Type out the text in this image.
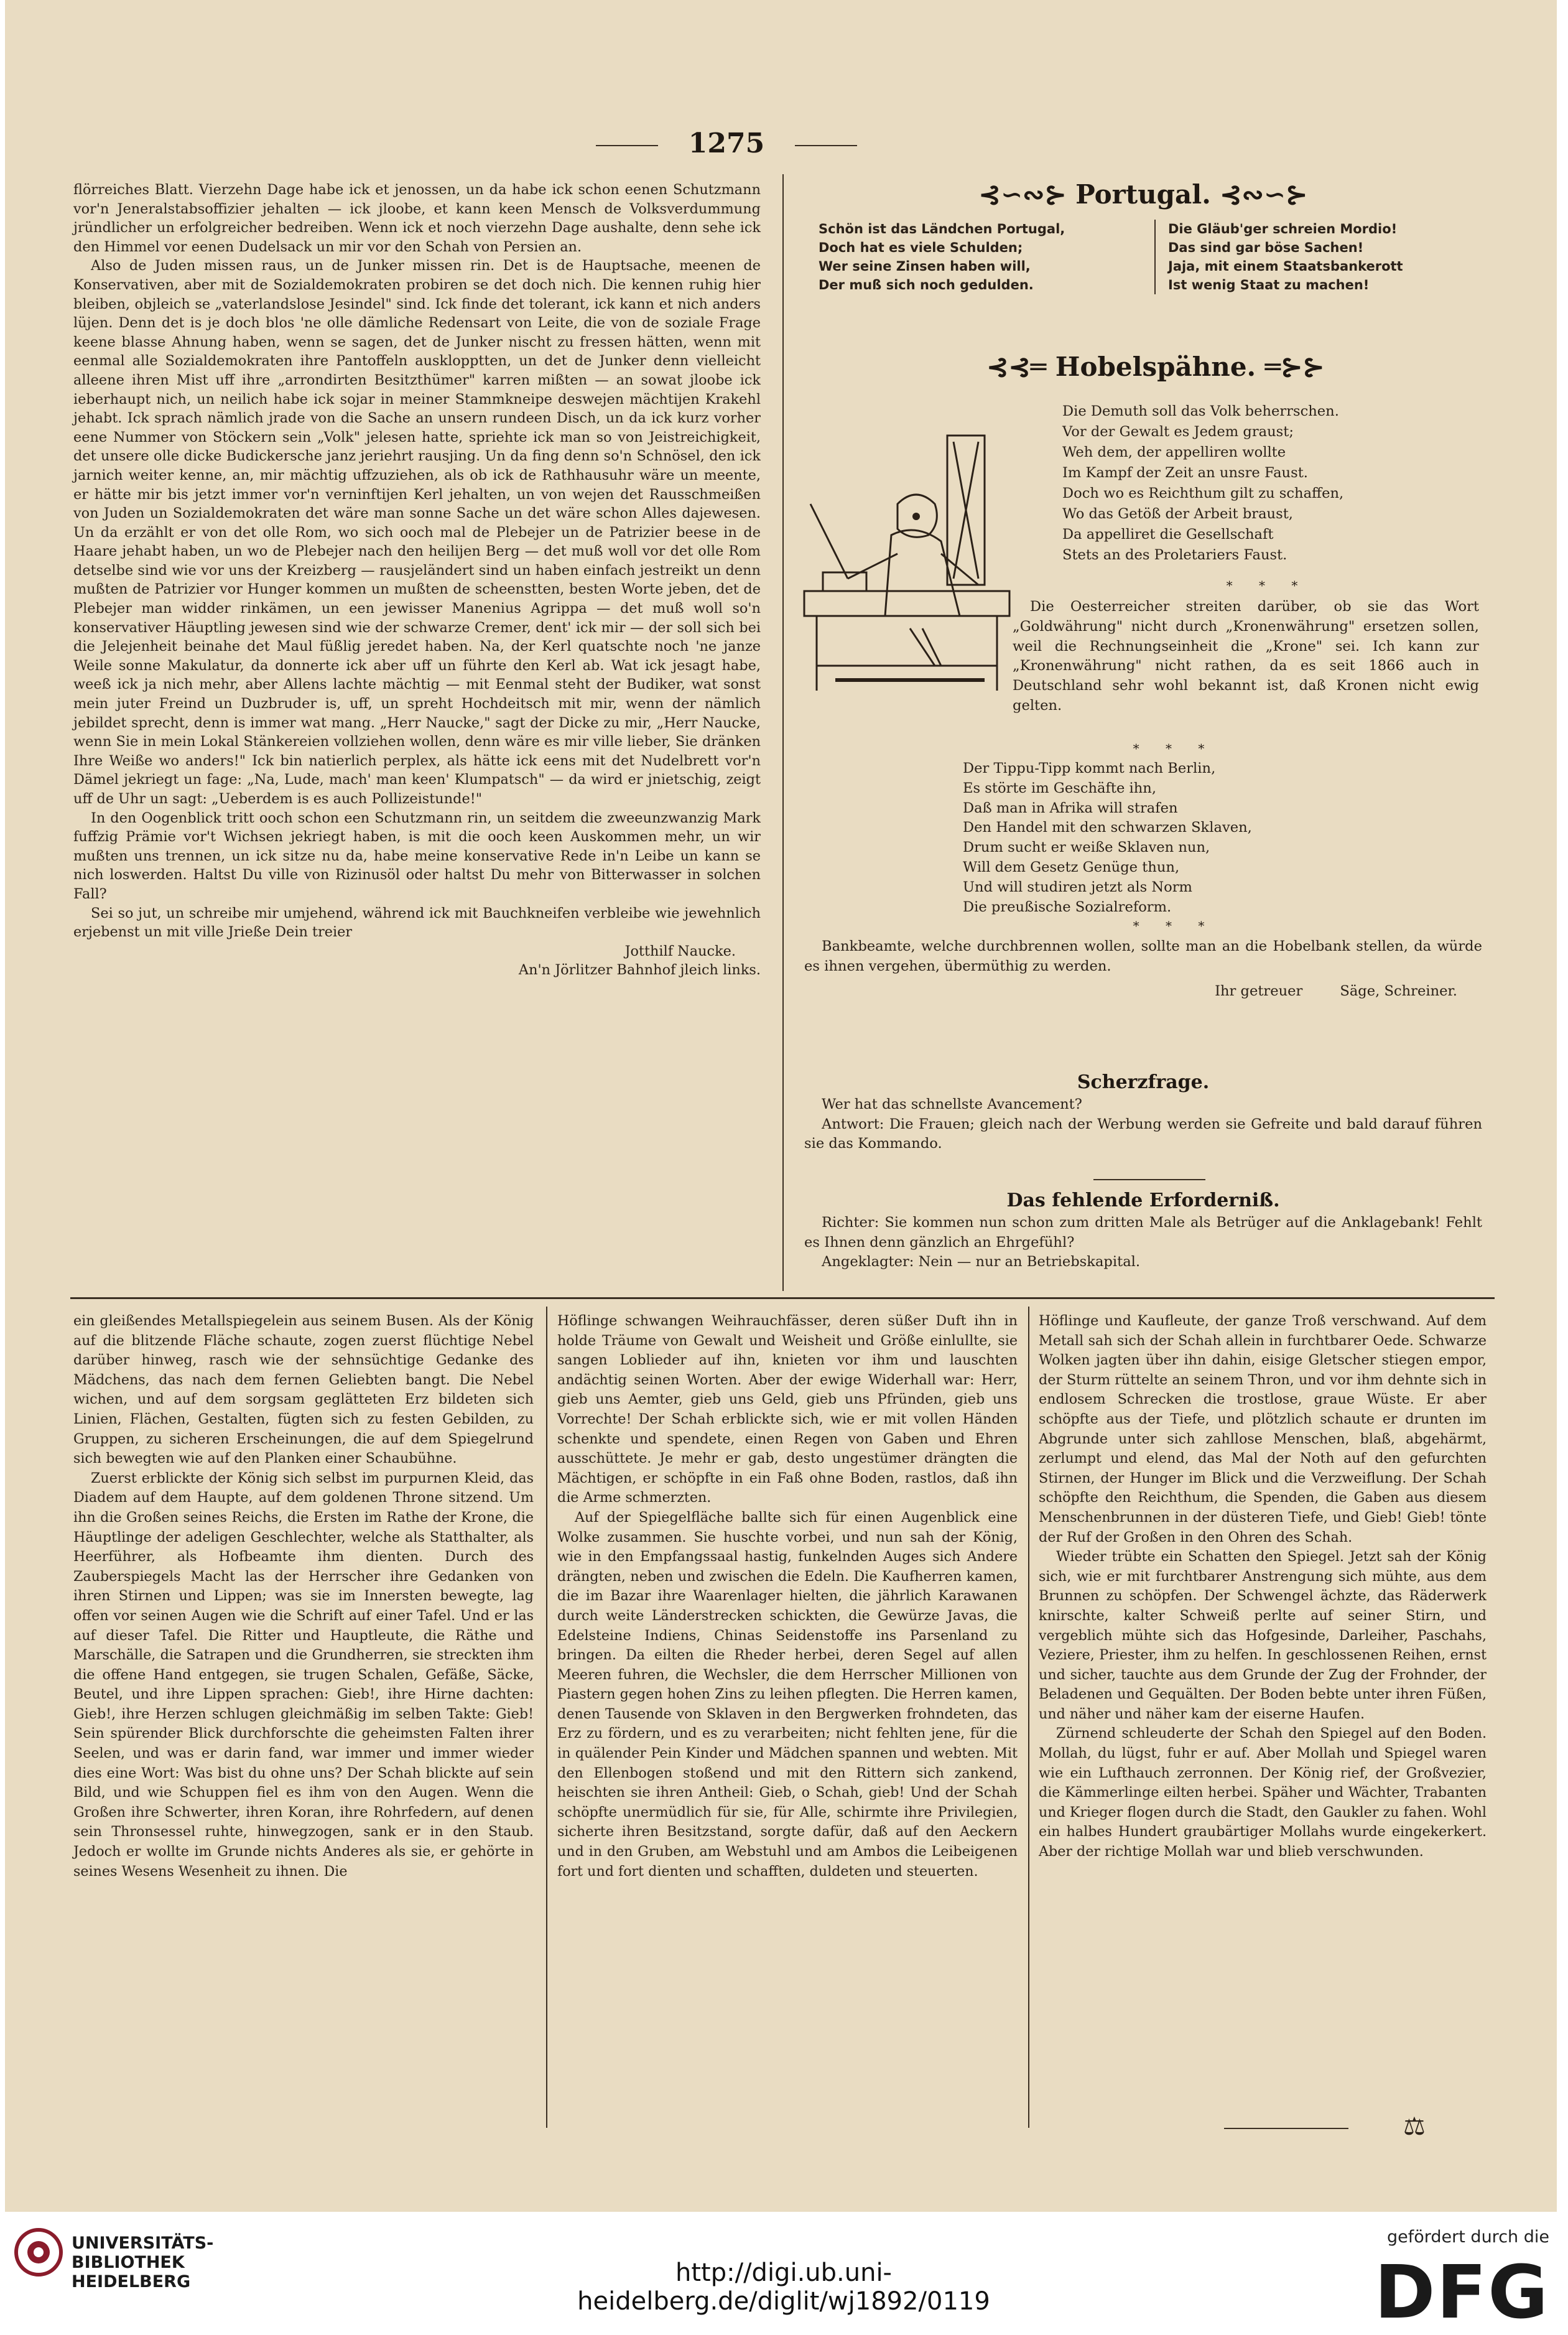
1275

flörreiches Blatt. Vierzehn Dage habe ick et jenossen, un da habe ick schon eenen Schutzmann vor'n Jeneralstabsoffizier jehalten — ick jloobe, et kann keen Mensch de Volksverdummung jründlicher un erfolgreicher bedreiben. Wenn ick et noch vierzehn Dage aushalte, denn sehe ick den Himmel vor eenen Dudelsack un mir vor den Schah von Persien an.

Also de Juden missen raus, un de Junker missen rin. Det is de Hauptsache, meenen de Konservativen, aber mit de Sozialdemokraten probiren se det doch nich. Die kennen ruhig hier bleiben, objleich se „vaterlandslose Jesindel" sind. Ick finde det tolerant, ick kann et nich anders lüjen. Denn det is je doch blos 'ne olle dämliche Redensart von Leite, die von de soziale Frage keene blasse Ahnung haben, wenn se sagen, det de Junker nischt zu fressen hätten, wenn mit eenmal alle Sozialdemokraten ihre Pantoffeln ausklopptten, un det de Junker denn vielleicht alleene ihren Mist uff ihre „arrondirten Besitzthümer" karren mißten — an sowat jloobe ick ieberhaupt nich, un neilich habe ick sojar in meiner Stammkneipe deswejen mächtijen Krakehl jehabt. Ick sprach nämlich jrade von die Sache an unsern rundeen Disch, un da ick kurz vorher eene Nummer von Stöckern sein „Volk" jelesen hatte, spriehte ick man so von Jeistreichigkeit, det unsere olle dicke Budickersche janz jeriehrt rausjing. Un da fing denn so'n Schnösel, den ick jarnich weiter kenne, an, mir mächtig uffzuziehen, als ob ick de Rathhausuhr wäre un meente, er hätte mir bis jetzt immer vor'n verninftijen Kerl jehalten, un von wejen det Rausschmeißen von Juden un Sozialdemokraten det wäre man sonne Sache un det wäre schon Alles dajewesen. Un da erzählt er von det olle Rom, wo sich ooch mal de Plebejer un de Patrizier beese in de Haare jehabt haben, un wo de Plebejer nach den heilijen Berg — det muß woll vor det olle Rom detselbe sind wie vor uns der Kreizberg — rausjeländert sind un haben einfach jestreikt un denn mußten de Patrizier vor Hunger kommen un mußten de scheenstten, besten Worte jeben, det de Plebejer man widder rinkämen, un een jewisser Manenius Agrippa — det muß woll so'n konservativer Häuptling jewesen sind wie der schwarze Cremer, dent' ick mir — der soll sich bei die Jelejenheit beinahe det Maul füßlig jeredet haben. Na, der Kerl quatschte noch 'ne janze Weile sonne Makulatur, da donnerte ick aber uff un führte den Kerl ab. Wat ick jesagt habe, weeß ick ja nich mehr, aber Allens lachte mächtig — mit Eenmal steht der Budiker, wat sonst mein juter Freind un Duzbruder is, uff, un spreht Hochdeitsch mit mir, wenn der nämlich jebildet sprecht, denn is immer wat mang. „Herr Naucke," sagt der Dicke zu mir, „Herr Naucke, wenn Sie in mein Lokal Stänkereien vollziehen wollen, denn wäre es mir ville lieber, Sie dränken Ihre Weiße wo anders!" Ick bin natierlich perplex, als hätte ick eens mit det Nudelbrett vor'n Dämel jekriegt un fage: „Na, Lude, mach' man keen' Klumpatsch" — da wird er jnietschig, zeigt uff de Uhr un sagt: „Ueberdem is es auch Pollizeistunde!"

In den Oogenblick tritt ooch schon een Schutzmann rin, un seitdem die zweeunzwanzig Mark fuffzig Prämie vor't Wichsen jekriegt haben, is mit die ooch keen Auskommen mehr, un wir mußten uns trennen, un ick sitze nu da, habe meine konservative Rede in'n Leibe un kann se nich loswerden. Haltst Du ville von Rizinusöl oder haltst Du mehr von Bitterwasser in solchen Fall?

Sei so jut, un schreibe mir umjehend, während ick mit Bauchkneifen verbleibe wie jewehnlich erjebenst un mit ville Jrieße Dein treier

Jotthilf Naucke.
An'n Jörlitzer Bahnhof jleich links.
⊰∽∾⊱ Portugal. ⊰∾∽⊱
Schön ist das Ländchen Portugal,
Doch hat es viele Schulden;
Wer seine Zinsen haben will,
Der muß sich noch gedulden.
Die Gläub'ger schreien Mordio!
Das sind gar böse Sachen!
Jaja, mit einem Staatsbankerott
Ist wenig Staat zu machen!
⊰⊰═ Hobelspähne. ═⊱⊱
Die Demuth soll das Volk beherrschen.
Vor der Gewalt es Jedem graust;
Weh dem, der appelliren wollte
Im Kampf der Zeit an unsre Faust.
Doch wo es Reichthum gilt zu schaffen,
Wo das Getöß der Arbeit braust,
Da appelliret die Gesellschaft
Stets an des Proletariers Faust.
* * *

Die Oesterreicher streiten darüber, ob sie das Wort „Goldwährung" nicht durch „Kronenwährung" ersetzen sollen, weil die Rechnungseinheit die „Krone" sei. Ich kann zur „Kronenwährung" nicht rathen, da es seit 1866 auch in Deutschland sehr wohl bekannt ist, daß Kronen nicht ewig gelten.

* * *
Der Tippu-Tipp kommt nach Berlin,
Es störte im Geschäfte ihn,
Daß man in Afrika will strafen
Den Handel mit den schwarzen Sklaven,
Drum sucht er weiße Sklaven nun,
Will dem Gesetz Genüge thun,
Und will studiren jetzt als Norm
Die preußische Sozialreform.
* * *

Bankbeamte, welche durchbrennen wollen, sollte man an die Hobelbank stellen, da würde es ihnen vergehen, übermüthig zu werden.

Ihr getreuer	Säge, Schreiner.
Scherzfrage.

Wer hat das schnellste Avancement?

Antwort: Die Frauen; gleich nach der Werbung werden sie Gefreite und bald darauf führen sie das Kommando.

Das fehlende Erforderniß.

Richter: Sie kommen nun schon zum dritten Male als Betrüger auf die Anklagebank! Fehlt es Ihnen denn gänzlich an Ehrgefühl?

Angeklagter: Nein — nur an Betriebskapital.

ein gleißendes Metallspiegelein aus seinem Busen. Als der König auf die blitzende Fläche schaute, zogen zuerst flüchtige Nebel darüber hinweg, rasch wie der sehnsüchtige Gedanke des Mädchens, das nach dem fernen Geliebten bangt. Die Nebel wichen, und auf dem sorgsam geglätteten Erz bildeten sich Linien, Flächen, Gestalten, fügten sich zu festen Gebilden, zu Gruppen, zu sicheren Erscheinungen, die auf dem Spiegelrund sich bewegten wie auf den Planken einer Schaubühne.

Zuerst erblickte der König sich selbst im purpurnen Kleid, das Diadem auf dem Haupte, auf dem goldenen Throne sitzend. Um ihn die Großen seines Reichs, die Ersten im Rathe der Krone, die Häuptlinge der adeligen Geschlechter, welche als Statthalter, als Heerführer, als Hofbeamte ihm dienten. Durch des Zauberspiegels Macht las der Herrscher ihre Gedanken von ihren Stirnen und Lippen; was sie im Innersten bewegte, lag offen vor seinen Augen wie die Schrift auf einer Tafel. Und er las auf dieser Tafel. Die Ritter und Hauptleute, die Räthe und Marschälle, die Satrapen und die Grundherren, sie streckten ihm die offene Hand entgegen, sie trugen Schalen, Gefäße, Säcke, Beutel, und ihre Lippen sprachen: Gieb!, ihre Hirne dachten: Gieb!, ihre Herzen schlugen gleichmäßig im selben Takte: Gieb! Sein spürender Blick durchforschte die geheimsten Falten ihrer Seelen, und was er darin fand, war immer und immer wieder dies eine Wort: Was bist du ohne uns? Der Schah blickte auf sein Bild, und wie Schuppen fiel es ihm von den Augen. Wenn die Großen ihre Schwerter, ihren Koran, ihre Rohrfedern, auf denen sein Thronsessel ruhte, hinwegzogen, sank er in den Staub. Jedoch er wollte im Grunde nichts Anderes als sie, er gehörte in seines Wesens Wesenheit zu ihnen. Die

Höflinge schwangen Weihrauchfässer, deren süßer Duft ihn in holde Träume von Gewalt und Weisheit und Größe einlullte, sie sangen Loblieder auf ihn, knieten vor ihm und lauschten andächtig seinen Worten. Aber der ewige Widerhall war: Herr, gieb uns Aemter, gieb uns Geld, gieb uns Pfründen, gieb uns Vorrechte! Der Schah erblickte sich, wie er mit vollen Händen schenkte und spendete, einen Regen von Gaben und Ehren ausschüttete. Je mehr er gab, desto ungestümer drängten die Mächtigen, er schöpfte in ein Faß ohne Boden, rastlos, daß ihn die Arme schmerzten.

Auf der Spiegelfläche ballte sich für einen Augenblick eine Wolke zusammen. Sie huschte vorbei, und nun sah der König, wie in den Empfangssaal hastig, funkelnden Auges sich Andere drängten, neben und zwischen die Edeln. Die Kaufherren kamen, die im Bazar ihre Waarenlager hielten, die jährlich Karawanen durch weite Länderstrecken schickten, die Gewürze Javas, die Edelsteine Indiens, Chinas Seidenstoffe ins Parsenland zu bringen. Da eilten die Rheder herbei, deren Segel auf allen Meeren fuhren, die Wechsler, die dem Herrscher Millionen von Piastern gegen hohen Zins zu leihen pflegten. Die Herren kamen, denen Tausende von Sklaven in den Bergwerken frohndeten, das Erz zu fördern, und es zu verarbeiten; nicht fehlten jene, für die in quälender Pein Kinder und Mädchen spannen und webten. Mit den Ellenbogen stoßend und mit den Rittern sich zankend, heischten sie ihren Antheil: Gieb, o Schah, gieb! Und der Schah schöpfte unermüdlich für sie, für Alle, schirmte ihre Privilegien, sicherte ihren Besitzstand, sorgte dafür, daß auf den Aeckern und in den Gruben, am Webstuhl und am Ambos die Leibeigenen fort und fort dienten und schafften, duldeten und steuerten.

Höflinge und Kaufleute, der ganze Troß verschwand. Auf dem Metall sah sich der Schah allein in furchtbarer Oede. Schwarze Wolken jagten über ihn dahin, eisige Gletscher stiegen empor, der Sturm rüttelte an seinem Thron, und vor ihm dehnte sich in endlosem Schrecken die trostlose, graue Wüste. Er aber schöpfte aus der Tiefe, und plötzlich schaute er drunten im Abgrunde unter sich zahllose Menschen, blaß, abgehärmt, zerlumpt und elend, das Mal der Noth auf den gefurchten Stirnen, der Hunger im Blick und die Verzweiflung. Der Schah schöpfte den Reichthum, die Spenden, die Gaben aus diesem Menschenbrunnen in der düsteren Tiefe, und Gieb! Gieb! tönte der Ruf der Großen in den Ohren des Schah.

Wieder trübte ein Schatten den Spiegel. Jetzt sah der König sich, wie er mit furchtbarer Anstrengung sich mühte, aus dem Brunnen zu schöpfen. Der Schwengel ächzte, das Räderwerk knirschte, kalter Schweiß perlte auf seiner Stirn, und vergeblich mühte sich das Hofgesinde, Darleiher, Paschahs, Veziere, Priester, ihm zu helfen. In geschlossenen Reihen, ernst und sicher, tauchte aus dem Grunde der Zug der Frohnder, der Beladenen und Gequälten. Der Boden bebte unter ihren Füßen, und näher und näher kam der eiserne Haufen.

Zürnend schleuderte der Schah den Spiegel auf den Boden. Mollah, du lügst, fuhr er auf. Aber Mollah und Spiegel waren wie ein Lufthauch zerronnen. Der König rief, der Großvezier, die Kämmerlinge eilten herbei. Späher und Wächter, Trabanten und Krieger flogen durch die Stadt, den Gaukler zu fahen. Wohl ein halbes Hundert graubärtiger Mollahs wurde eingekerkert. Aber der richtige Mollah war und blieb verschwunden.

⚖
UNIVERSITÄTS-
BIBLIOTHEK
HEIDELBERG	http://digi.ub.uni-heidelberg.de/diglit/wj1892/0119
gefördert durch die
DFG
